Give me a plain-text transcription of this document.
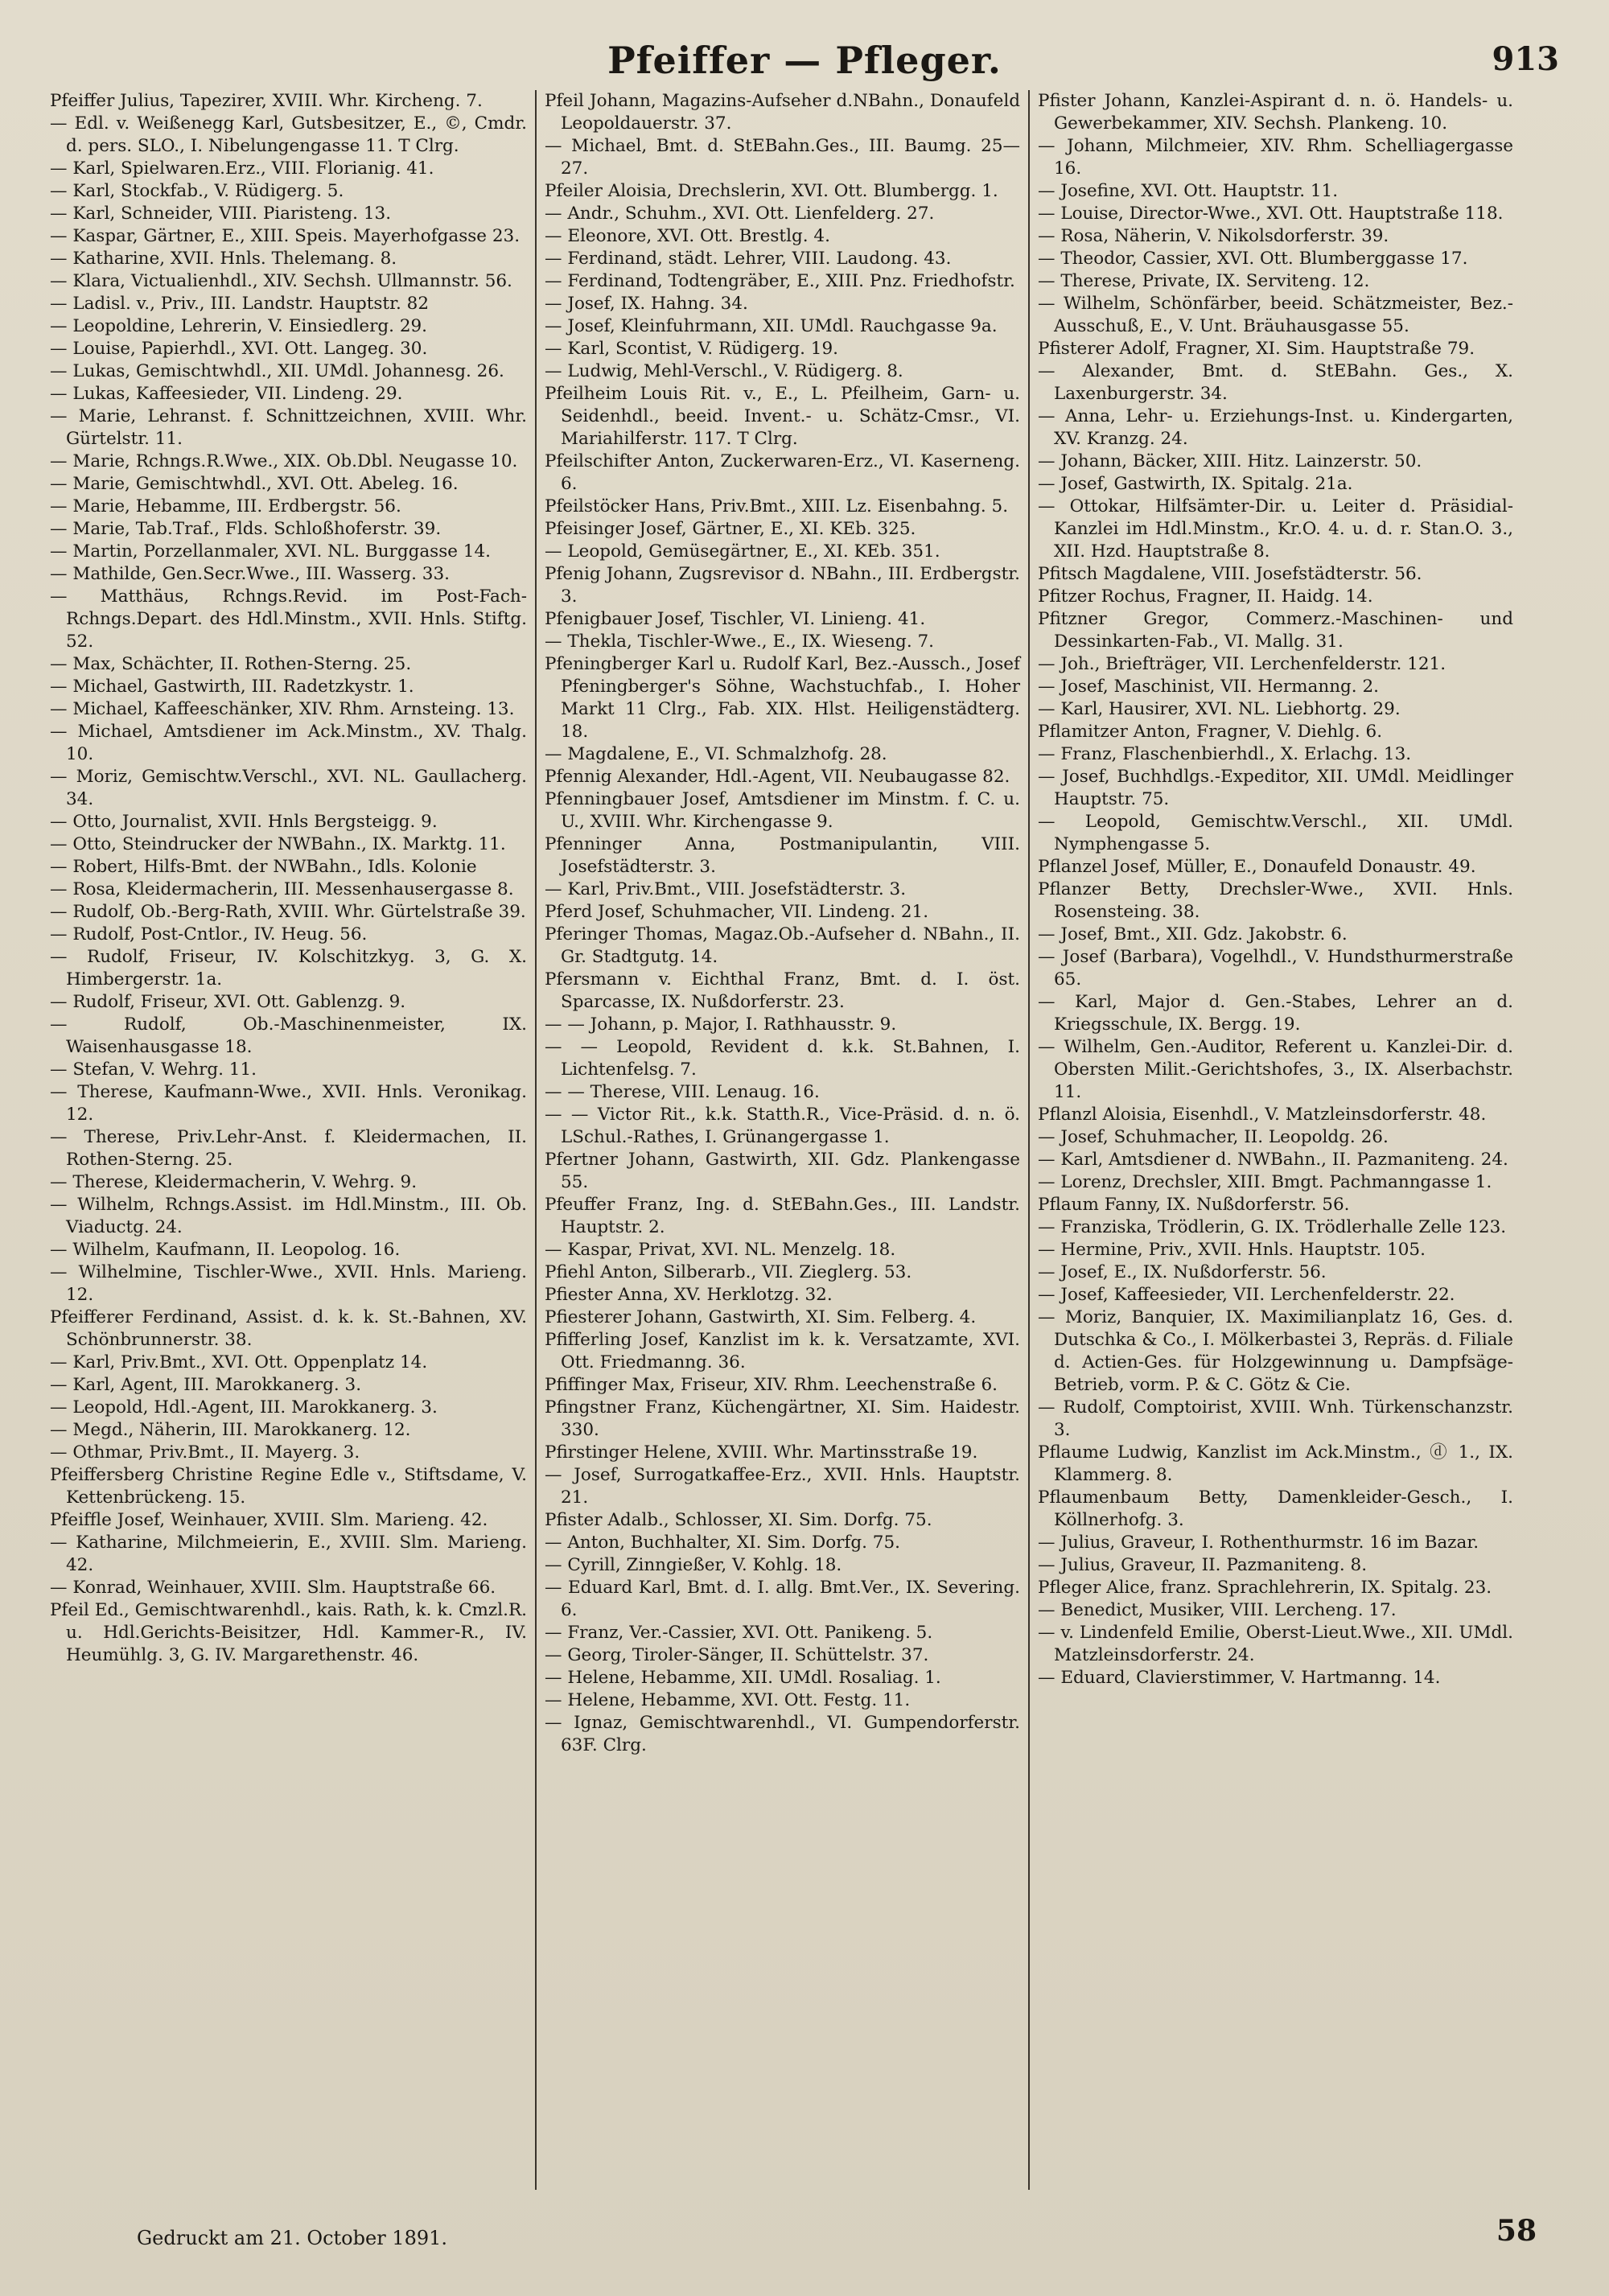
Pfeiffer — Pfleger.	913
Pfeiffer Julius, Tapezirer, XVIII. Whr. Kircheng. 7.
— Edl. v. Weißenegg Karl, Gutsbesitzer, E., ©, Cmdr. d. pers. SLO., I. Nibelungengasse 11. T Clrg.
— Karl, Spielwaren.Erz., VIII. Florianig. 41.
— Karl, Stockfab., V. Rüdigerg. 5.
— Karl, Schneider, VIII. Piaristeng. 13.
— Kaspar, Gärtner, E., XIII. Speis. Mayerhofgasse 23.
— Katharine, XVII. Hnls. Thelemang. 8.
— Klara, Victualienhdl., XIV. Sechsh. Ullmannstr. 56.
— Ladisl. v., Priv., III. Landstr. Hauptstr. 82
— Leopoldine, Lehrerin, V. Einsiedlerg. 29.
— Louise, Papierhdl., XVI. Ott. Langeg. 30.
— Lukas, Gemischtwhdl., XII. UMdl. Johannesg. 26.
— Lukas, Kaffeesieder, VII. Lindeng. 29.
— Marie, Lehranst. f. Schnittzeichnen, XVIII. Whr. Gürtelstr. 11.
— Marie, Rchngs.R.Wwe., XIX. Ob.Dbl. Neugasse 10.
— Marie, Gemischtwhdl., XVI. Ott. Abeleg. 16.
— Marie, Hebamme, III. Erdbergstr. 56.
— Marie, Tab.Traf., Flds. Schloßhoferstr. 39.
— Martin, Porzellanmaler, XVI. NL. Burggasse 14.
— Mathilde, Gen.Secr.Wwe., III. Wasserg. 33.
— Matthäus, Rchngs.Revid. im Post-Fach-Rchngs.Depart. des Hdl.Minstm., XVII. Hnls. Stiftg. 52.
— Max, Schächter, II. Rothen-Sterng. 25.
— Michael, Gastwirth, III. Radetzkystr. 1.
— Michael, Kaffeeschänker, XIV. Rhm. Arnsteing. 13.
— Michael, Amtsdiener im Ack.Minstm., XV. Thalg. 10.
— Moriz, Gemischtw.Verschl., XVI. NL. Gaullacherg. 34.
— Otto, Journalist, XVII. Hnls Bergsteigg. 9.
— Otto, Steindrucker der NWBahn., IX. Marktg. 11.
— Robert, Hilfs-Bmt. der NWBahn., Idls. Kolonie
— Rosa, Kleidermacherin, III. Messenhausergasse 8.
— Rudolf, Ob.-Berg-Rath, XVIII. Whr. Gürtelstraße 39.
— Rudolf, Post-Cntlor., IV. Heug. 56.
— Rudolf, Friseur, IV. Kolschitzkyg. 3, G. X. Himbergerstr. 1a.
— Rudolf, Friseur, XVI. Ott. Gablenzg. 9.
— Rudolf, Ob.-Maschinenmeister, IX. Waisenhausgasse 18.
— Stefan, V. Wehrg. 11.
— Therese, Kaufmann-Wwe., XVII. Hnls. Veronikag. 12.
— Therese, Priv.Lehr-Anst. f. Kleidermachen, II. Rothen-Sterng. 25.
— Therese, Kleidermacherin, V. Wehrg. 9.
— Wilhelm, Rchngs.Assist. im Hdl.Minstm., III. Ob. Viaductg. 24.
— Wilhelm, Kaufmann, II. Leopolog. 16.
— Wilhelmine, Tischler-Wwe., XVII. Hnls. Marieng. 12.
Pfeifferer Ferdinand, Assist. d. k. k. St.-Bahnen, XV. Schönbrunnerstr. 38.
— Karl, Priv.Bmt., XVI. Ott. Oppenplatz 14.
— Karl, Agent, III. Marokkanerg. 3.
— Leopold, Hdl.-Agent, III. Marokkanerg. 3.
— Megd., Näherin, III. Marokkanerg. 12.
— Othmar, Priv.Bmt., II. Mayerg. 3.
Pfeiffersberg Christine Regine Edle v., Stiftsdame, V. Kettenbrückeng. 15.
Pfeiffle Josef, Weinhauer, XVIII. Slm. Marieng. 42.
— Katharine, Milchmeierin, E., XVIII. Slm. Marieng. 42.
— Konrad, Weinhauer, XVIII. Slm. Hauptstraße 66.
Pfeil Ed., Gemischtwarenhdl., kais. Rath, k. k. Cmzl.R. u. Hdl.Gerichts-Beisitzer, Hdl. Kammer-R., IV. Heumühlg. 3, G. IV. Margarethenstr. 46.
Pfeil Johann, Magazins-Aufseher d.NBahn., Donaufeld Leopoldauerstr. 37.
— Michael, Bmt. d. StEBahn.Ges., III. Baumg. 25—27.
Pfeiler Aloisia, Drechslerin, XVI. Ott. Blumbergg. 1.
— Andr., Schuhm., XVI. Ott. Lienfelderg. 27.
— Eleonore, XVI. Ott. Brestlg. 4.
— Ferdinand, städt. Lehrer, VIII. Laudong. 43.
— Ferdinand, Todtengräber, E., XIII. Pnz. Friedhofstr.
— Josef, IX. Hahng. 34.
— Josef, Kleinfuhrmann, XII. UMdl. Rauchgasse 9a.
— Karl, Scontist, V. Rüdigerg. 19.
— Ludwig, Mehl-Verschl., V. Rüdigerg. 8.
Pfeilheim Louis Rit. v., E., L. Pfeilheim, Garn- u. Seidenhdl., beeid. Invent.- u. Schätz-Cmsr., VI. Mariahilferstr. 117. T Clrg.
Pfeilschifter Anton, Zuckerwaren-Erz., VI. Kaserneng. 6.
Pfeilstöcker Hans, Priv.Bmt., XIII. Lz. Eisenbahng. 5.
Pfeisinger Josef, Gärtner, E., XI. KEb. 325.
— Leopold, Gemüsegärtner, E., XI. KEb. 351.
Pfenig Johann, Zugsrevisor d. NBahn., III. Erdbergstr. 3.
Pfenigbauer Josef, Tischler, VI. Linieng. 41.
— Thekla, Tischler-Wwe., E., IX. Wieseng. 7.
Pfeningberger Karl u. Rudolf Karl, Bez.-Aussch., Josef Pfeningberger's Söhne, Wachstuchfab., I. Hoher Markt 11 Clrg., Fab. XIX. Hlst. Heiligenstädterg. 18.
— Magdalene, E., VI. Schmalzhofg. 28.
Pfennig Alexander, Hdl.-Agent, VII. Neubaugasse 82.
Pfenningbauer Josef, Amtsdiener im Minstm. f. C. u. U., XVIII. Whr. Kirchengasse 9.
Pfenninger Anna, Postmanipulantin, VIII. Josefstädterstr. 3.
— Karl, Priv.Bmt., VIII. Josefstädterstr. 3.
Pferd Josef, Schuhmacher, VII. Lindeng. 21.
Pferinger Thomas, Magaz.Ob.-Aufseher d. NBahn., II. Gr. Stadtgutg. 14.
Pfersmann v. Eichthal Franz, Bmt. d. I. öst. Sparcasse, IX. Nußdorferstr. 23.
— — Johann, p. Major, I. Rathhausstr. 9.
— — Leopold, Revident d. k.k. St.Bahnen, I. Lichtenfelsg. 7.
— — Therese, VIII. Lenaug. 16.
— — Victor Rit., k.k. Statth.R., Vice-Präsid. d. n. ö. LSchul.-Rathes, I. Grünangergasse 1.
Pfertner Johann, Gastwirth, XII. Gdz. Plankengasse 55.
Pfeuffer Franz, Ing. d. StEBahn.Ges., III. Landstr. Hauptstr. 2.
— Kaspar, Privat, XVI. NL. Menzelg. 18.
Pfiehl Anton, Silberarb., VII. Zieglerg. 53.
Pfiester Anna, XV. Herklotzg. 32.
Pfiesterer Johann, Gastwirth, XI. Sim. Felberg. 4.
Pfifferling Josef, Kanzlist im k. k. Versatzamte, XVI. Ott. Friedmanng. 36.
Pfiffinger Max, Friseur, XIV. Rhm. Leechenstraße 6.
Pfingstner Franz, Küchengärtner, XI. Sim. Haidestr. 330.
Pfirstinger Helene, XVIII. Whr. Martinsstraße 19.
— Josef, Surrogatkaffee-Erz., XVII. Hnls. Hauptstr. 21.
Pfister Adalb., Schlosser, XI. Sim. Dorfg. 75.
— Anton, Buchhalter, XI. Sim. Dorfg. 75.
— Cyrill, Zinngießer, V. Kohlg. 18.
— Eduard Karl, Bmt. d. I. allg. Bmt.Ver., IX. Severing. 6.
— Franz, Ver.-Cassier, XVI. Ott. Panikeng. 5.
— Georg, Tiroler-Sänger, II. Schüttelstr. 37.
— Helene, Hebamme, XII. UMdl. Rosaliag. 1.
— Helene, Hebamme, XVI. Ott. Festg. 11.
— Ignaz, Gemischtwarenhdl., VI. Gumpendorferstr. 63F. Clrg.
Pfister Johann, Kanzlei-Aspirant d. n. ö. Handels- u. Gewerbekammer, XIV. Sechsh. Plankeng. 10.
— Johann, Milchmeier, XIV. Rhm. Schelliagergasse 16.
— Josefine, XVI. Ott. Hauptstr. 11.
— Louise, Director-Wwe., XVI. Ott. Hauptstraße 118.
— Rosa, Näherin, V. Nikolsdorferstr. 39.
— Theodor, Cassier, XVI. Ott. Blumberggasse 17.
— Therese, Private, IX. Serviteng. 12.
— Wilhelm, Schönfärber, beeid. Schätzmeister, Bez.-Ausschuß, E., V. Unt. Bräuhausgasse 55.
Pfisterer Adolf, Fragner, XI. Sim. Hauptstraße 79.
— Alexander, Bmt. d. StEBahn. Ges., X. Laxenburgerstr. 34.
— Anna, Lehr- u. Erziehungs-Inst. u. Kindergarten, XV. Kranzg. 24.
— Johann, Bäcker, XIII. Hitz. Lainzerstr. 50.
— Josef, Gastwirth, IX. Spitalg. 21a.
— Ottokar, Hilfsämter-Dir. u. Leiter d. Präsidial-Kanzlei im Hdl.Minstm., Kr.O. 4. u. d. r. Stan.O. 3., XII. Hzd. Hauptstraße 8.
Pfitsch Magdalene, VIII. Josefstädterstr. 56.
Pfitzer Rochus, Fragner, II. Haidg. 14.
Pfitzner Gregor, Commerz.-Maschinen- und Dessinkarten-Fab., VI. Mallg. 31.
— Joh., Briefträger, VII. Lerchenfelderstr. 121.
— Josef, Maschinist, VII. Hermanng. 2.
— Karl, Hausirer, XVI. NL. Liebhortg. 29.
Pflamitzer Anton, Fragner, V. Diehlg. 6.
— Franz, Flaschenbierhdl., X. Erlachg. 13.
— Josef, Buchhdlgs.-Expeditor, XII. UMdl. Meidlinger Hauptstr. 75.
— Leopold, Gemischtw.Verschl., XII. UMdl. Nymphengasse 5.
Pflanzel Josef, Müller, E., Donaufeld Donaustr. 49.
Pflanzer Betty, Drechsler-Wwe., XVII. Hnls. Rosensteing. 38.
— Josef, Bmt., XII. Gdz. Jakobstr. 6.
— Josef (Barbara), Vogelhdl., V. Hundsthurmerstraße 65.
— Karl, Major d. Gen.-Stabes, Lehrer an d. Kriegsschule, IX. Bergg. 19.
— Wilhelm, Gen.-Auditor, Referent u. Kanzlei-Dir. d. Obersten Milit.-Gerichtshofes, 3., IX. Alserbachstr. 11.
Pflanzl Aloisia, Eisenhdl., V. Matzleinsdorferstr. 48.
— Josef, Schuhmacher, II. Leopoldg. 26.
— Karl, Amtsdiener d. NWBahn., II. Pazmaniteng. 24.
— Lorenz, Drechsler, XIII. Bmgt. Pachmanngasse 1.
Pflaum Fanny, IX. Nußdorferstr. 56.
— Franziska, Trödlerin, G. IX. Trödlerhalle Zelle 123.
— Hermine, Priv., XVII. Hnls. Hauptstr. 105.
— Josef, E., IX. Nußdorferstr. 56.
— Josef, Kaffeesieder, VII. Lerchenfelderstr. 22.
— Moriz, Banquier, IX. Maximilianplatz 16, Ges. d. Dutschka & Co., I. Mölkerbastei 3, Repräs. d. Filiale d. Actien-Ges. für Holzgewinnung u. Dampfsäge-Betrieb, vorm. P. & C. Götz & Cie.
— Rudolf, Comptoirist, XVIII. Wnh. Türkenschanzstr. 3.
Pflaume Ludwig, Kanzlist im Ack.Minstm., ⓓ 1., IX. Klammerg. 8.
Pflaumenbaum Betty, Damenkleider-Gesch., I. Köllnerhofg. 3.
— Julius, Graveur, I. Rothenthurmstr. 16 im Bazar.
— Julius, Graveur, II. Pazmaniteng. 8.
Pfleger Alice, franz. Sprachlehrerin, IX. Spitalg. 23.
— Benedict, Musiker, VIII. Lercheng. 17.
— v. Lindenfeld Emilie, Oberst-Lieut.Wwe., XII. UMdl. Matzleinsdorferstr. 24.
— Eduard, Clavierstimmer, V. Hartmanng. 14.
Gedruckt am 21. October 1891.	58
